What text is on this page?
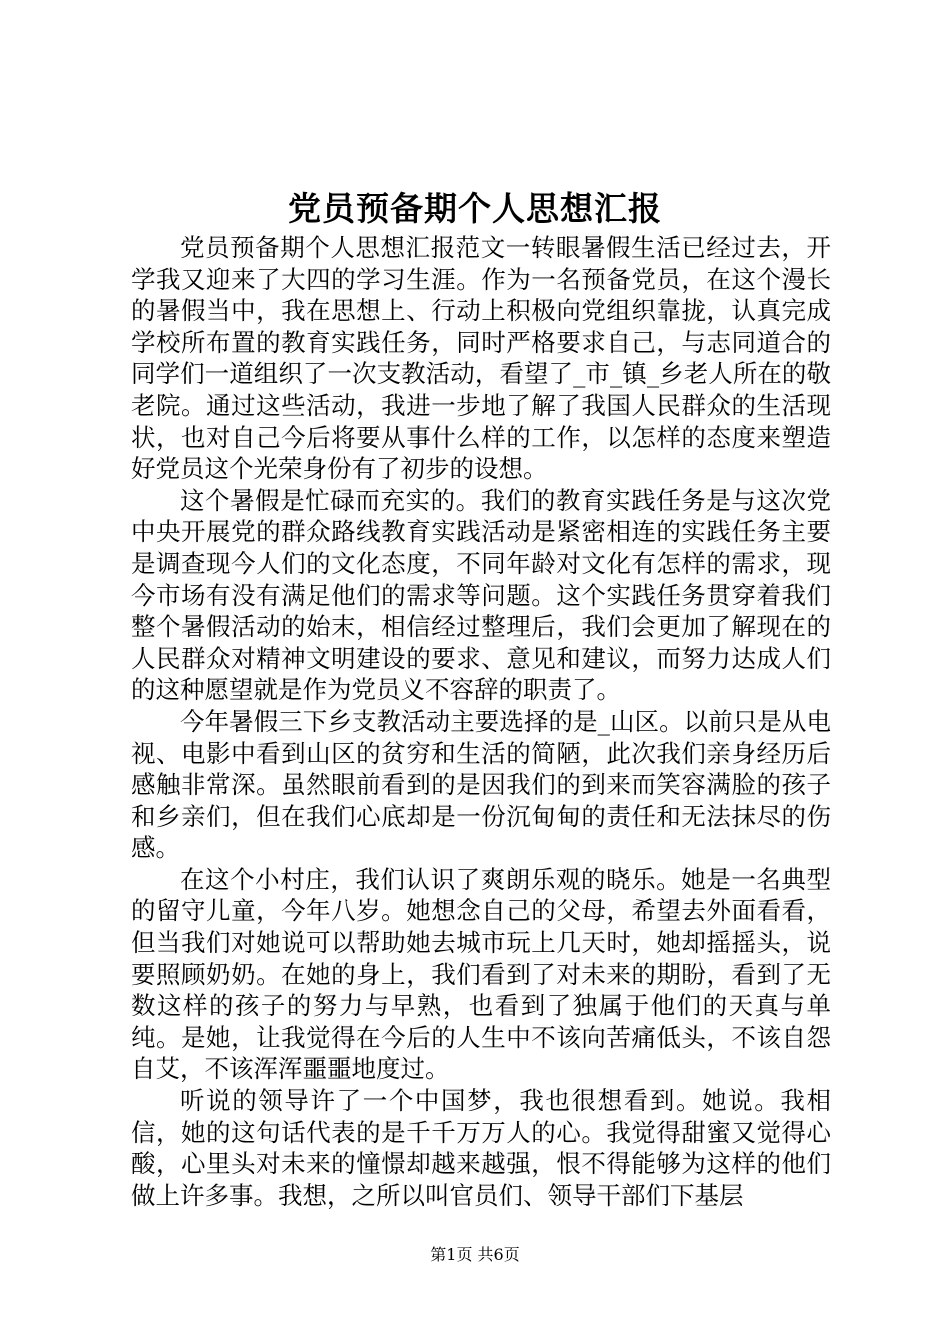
党员预备期个人思想汇报

党员预备期个人思想汇报范文一转眼暑假生活已经过去，开学我又迎来了大四的学习生涯。作为一名预备党员，在这个漫长的暑假当中，我在思想上、行动上积极向党组织靠拢，认真完成学校所布置的教育实践任务，同时严格要求自己，与志同道合的同学们一道组织了一次支教活动，看望了_市_镇_乡老人所在的敬老院。通过这些活动，我进一步地了解了我国人民群众的生活现状，也对自己今后将要从事什么样的工作，以怎样的态度来塑造好党员这个光荣身份有了初步的设想。

这个暑假是忙碌而充实的。我们的教育实践任务是与这次党中央开展党的群众路线教育实践活动是紧密相连的实践任务主要是调查现今人们的文化态度，不同年龄对文化有怎样的需求，现今市场有没有满足他们的需求等问题。这个实践任务贯穿着我们整个暑假活动的始末，相信经过整理后，我们会更加了解现在的人民群众对精神文明建设的要求、意见和建议，而努力达成人们的这种愿望就是作为党员义不容辞的职责了。

今年暑假三下乡支教活动主要选择的是_山区。以前只是从电视、电影中看到山区的贫穷和生活的简陋，此次我们亲身经历后感触非常深。虽然眼前看到的是因我们的到来而笑容满脸的孩子和乡亲们，但在我们心底却是一份沉甸甸的责任和无法抹尽的伤感。

在这个小村庄，我们认识了爽朗乐观的晓乐。她是一名典型的留守儿童，今年八岁。她想念自己的父母，希望去外面看看，但当我们对她说可以帮助她去城市玩上几天时，她却摇摇头，说要照顾奶奶。在她的身上，我们看到了对未来的期盼，看到了无数这样的孩子的努力与早熟，也看到了独属于他们的天真与单纯。是她，让我觉得在今后的人生中不该向苦痛低头，不该自怨自艾，不该浑浑噩噩地度过。

听说的领导许了一个中国梦，我也很想看到。她说。我相信，她的这句话代表的是千千万万人的心。我觉得甜蜜又觉得心酸，心里头对未来的憧憬却越来越强，恨不得能够为这样的他们做上许多事。我想，之所以叫官员们、领导干部们下基层

第1页 共6页
